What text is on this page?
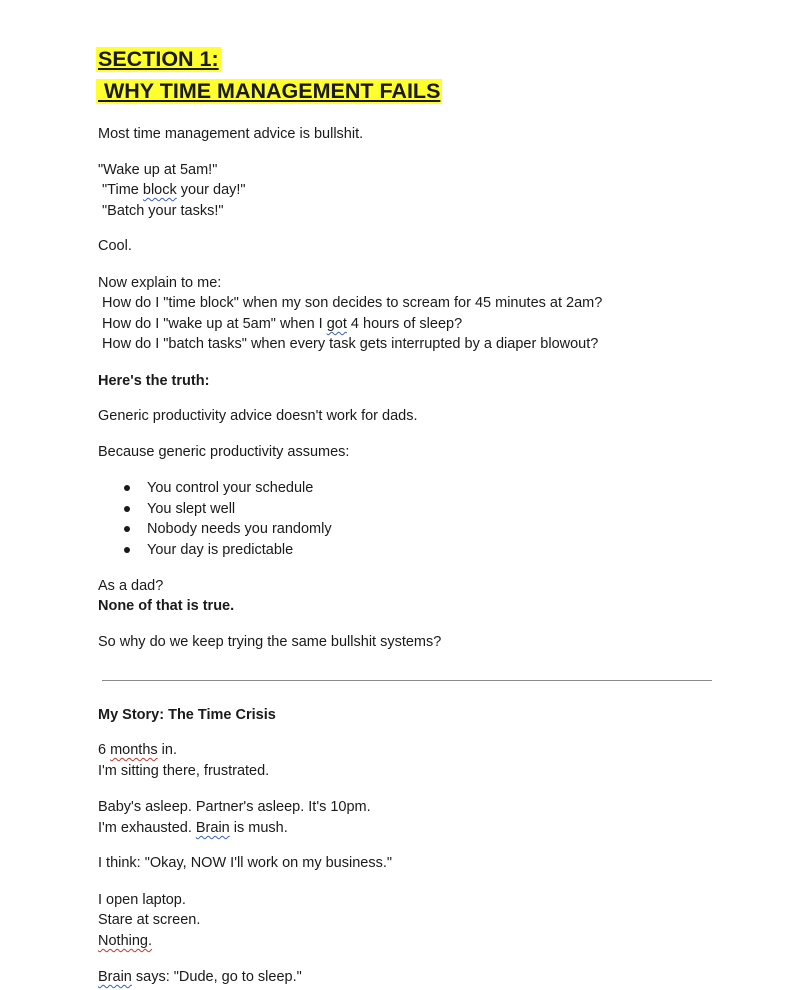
SECTION 1:
WHY TIME MANAGEMENT FAILS
Most time management advice is bullshit.
"Wake up at 5am!"
"Time block your day!"
"Batch your tasks!"
Cool.
Now explain to me:
How do I "time block" when my son decides to scream for 45 minutes at 2am?
How do I "wake up at 5am" when I got 4 hours of sleep?
How do I "batch tasks" when every task gets interrupted by a diaper blowout?
Here's the truth:
Generic productivity advice doesn't work for dads.
Because generic productivity assumes:
You control your schedule
You slept well
Nobody needs you randomly
Your day is predictable
As a dad?
None of that is true.
So why do we keep trying the same bullshit systems?
My Story: The Time Crisis
6 months in.
I'm sitting there, frustrated.
Baby's asleep. Partner's asleep. It's 10pm.
I'm exhausted. Brain is mush.
I think: "Okay, NOW I'll work on my business."
I open laptop.
Stare at screen.
Nothing.
Brain says: "Dude, go to sleep."
